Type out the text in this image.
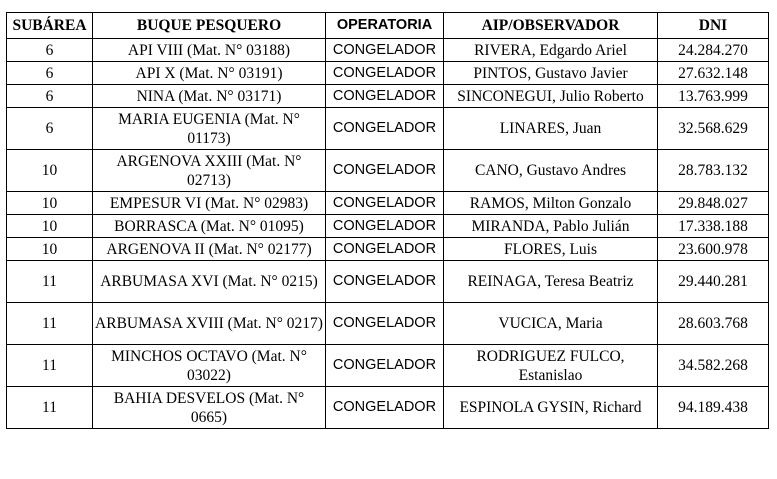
SUBÁREA	BUQUE PESQUERO	OPERATORIA	AIP/OBSERVADOR	DNI
6	API VIII (Mat. N° 03188)	CONGELADOR	RIVERA, Edgardo Ariel	24.284.270
6	API X (Mat. N° 03191)	CONGELADOR	PINTOS, Gustavo Javier	27.632.148
6	NINA (Mat. N° 03171)	CONGELADOR	SINCONEGUI, Julio Roberto	13.763.999
6	MARIA EUGENIA (Mat. N° 01173)	CONGELADOR	LINARES, Juan	32.568.629
10	ARGENOVA XXIII (Mat. N° 02713)	CONGELADOR	CANO, Gustavo Andres	28.783.132
10	EMPESUR VI (Mat. N° 02983)	CONGELADOR	RAMOS, Milton Gonzalo	29.848.027
10	BORRASCA (Mat. N° 01095)	CONGELADOR	MIRANDA, Pablo Julián	17.338.188
10	ARGENOVA II (Mat. N° 02177)	CONGELADOR	FLORES, Luis	23.600.978
11	ARBUMASA XVI (Mat. N° 0215)	CONGELADOR	REINAGA, Teresa Beatriz	29.440.281
11	ARBUMASA XVIII (Mat. N° 0217)	CONGELADOR	VUCICA, Maria	28.603.768
11	MINCHOS OCTAVO (Mat. N° 03022)	CONGELADOR	RODRIGUEZ FULCO, Estanislao	34.582.268
11	BAHIA DESVELOS (Mat. N° 0665)	CONGELADOR	ESPINOLA GYSIN, Richard	94.189.438
